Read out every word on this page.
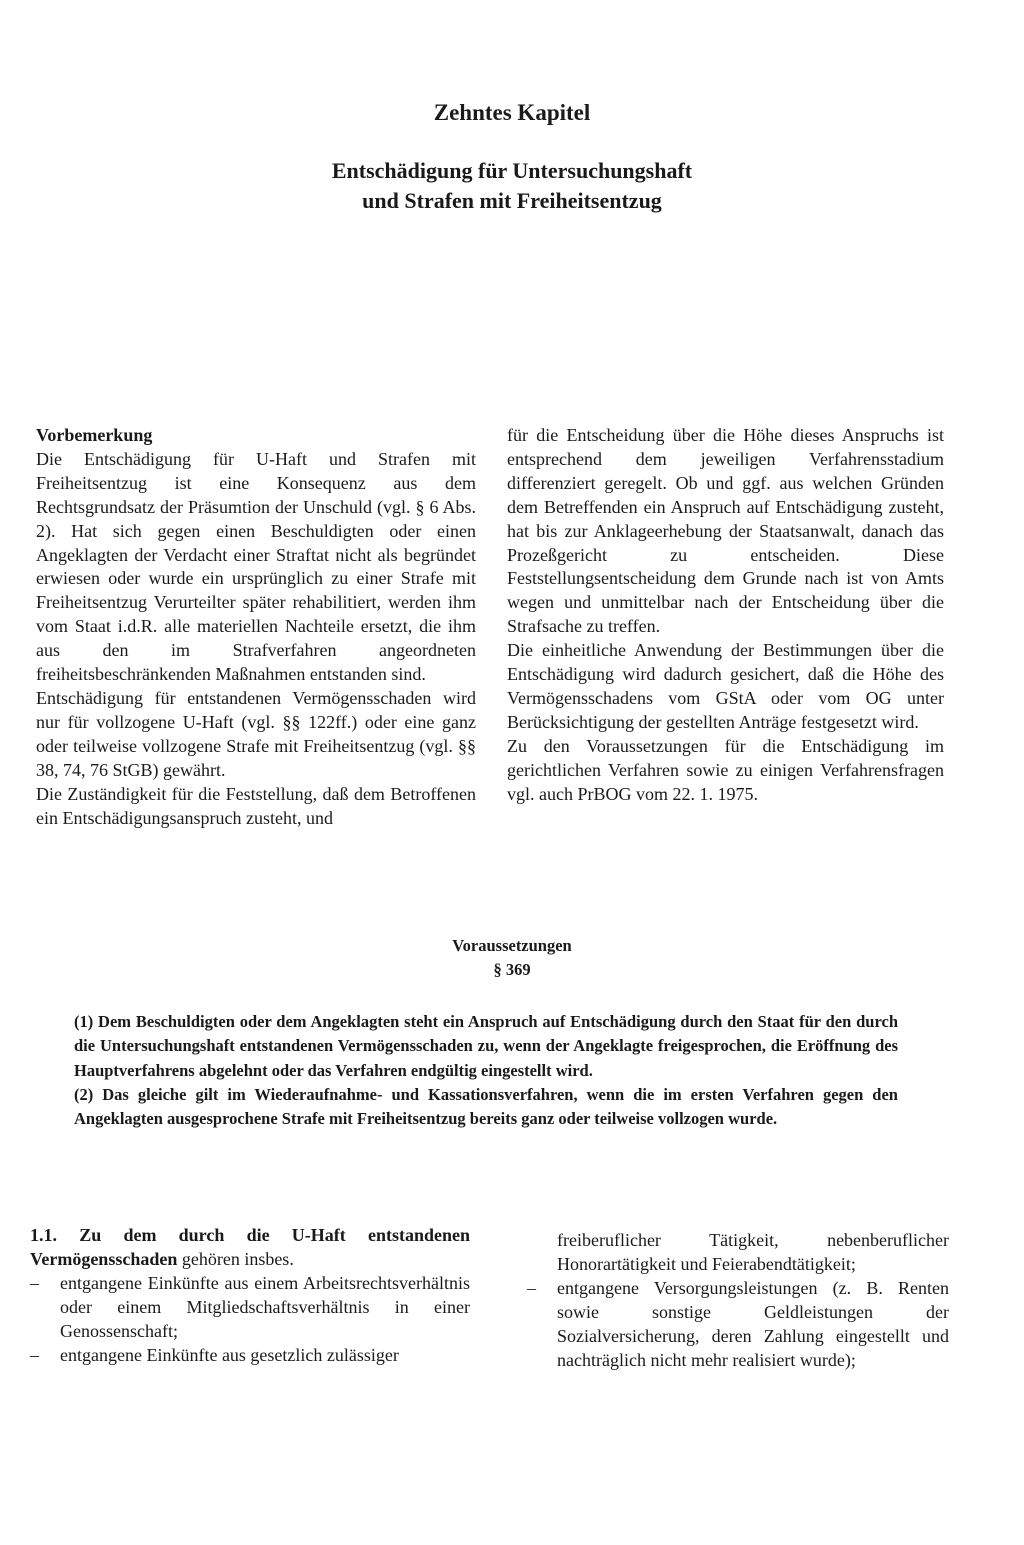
Zehntes Kapitel
Entschädigung für Untersuchungshaft
und Strafen mit Freiheitsentzug

Vorbemerkung

Die Entschädigung für U-Haft und Strafen mit Freiheitsentzug ist eine Konsequenz aus dem Rechtsgrundsatz der Präsumtion der Unschuld (vgl. § 6 Abs. 2). Hat sich gegen einen Beschuldigten oder einen Angeklagten der Verdacht einer Straftat nicht als begründet erwiesen oder wurde ein ursprünglich zu einer Strafe mit Freiheitsentzug Verurteilter später rehabilitiert, werden ihm vom Staat i.d.R. alle materiellen Nachteile ersetzt, die ihm aus den im Strafverfahren angeordneten freiheitsbeschränkenden Maßnahmen entstanden sind.

Entschädigung für entstandenen Vermögensschaden wird nur für vollzogene U-Haft (vgl. §§ 122ff.) oder eine ganz oder teilweise vollzogene Strafe mit Freiheitsentzug (vgl. §§ 38, 74, 76 StGB) gewährt.

Die Zuständigkeit für die Feststellung, daß dem Betroffenen ein Entschädigungsanspruch zusteht, und

für die Entscheidung über die Höhe dieses Anspruchs ist entsprechend dem jeweiligen Verfahrensstadium differenziert geregelt. Ob und ggf. aus welchen Gründen dem Betreffenden ein Anspruch auf Entschädigung zusteht, hat bis zur Anklageerhebung der Staatsanwalt, danach das Prozeßgericht zu entscheiden. Diese Feststellungsentscheidung dem Grunde nach ist von Amts wegen und unmittelbar nach der Entscheidung über die Strafsache zu treffen.

Die einheitliche Anwendung der Bestimmungen über die Entschädigung wird dadurch gesichert, daß die Höhe des Vermögensschadens vom GStA oder vom OG unter Berücksichtigung der gestellten Anträge festgesetzt wird.

Zu den Voraussetzungen für die Entschädigung im gerichtlichen Verfahren sowie zu einigen Verfahrensfragen vgl. auch PrBOG vom 22. 1. 1975.

Voraussetzungen
§ 369

(1) Dem Beschuldigten oder dem Angeklagten steht ein Anspruch auf Entschädigung durch den Staat für den durch die Untersuchungshaft entstandenen Vermögensschaden zu, wenn der Angeklagte freigesprochen, die Eröffnung des Hauptverfahrens abgelehnt oder das Verfahren endgültig eingestellt wird.

(2) Das gleiche gilt im Wiederaufnahme- und Kassationsverfahren, wenn die im ersten Verfahren gegen den Angeklagten ausgesprochene Strafe mit Freiheitsentzug bereits ganz oder teilweise vollzogen wurde.

1.1. Zu dem durch die U-Haft entstandenen Vermögensschaden gehören insbes.

–	entgangene Einkünfte aus einem Arbeitsrechtsverhältnis oder einem Mitgliedschaftsverhältnis in einer Genossenschaft;
–	entgangene Einkünfte aus gesetzlich zulässiger

freiberuflicher Tätigkeit, nebenberuflicher Honorartätigkeit und Feierabendtätigkeit;

–	entgangene Versorgungsleistungen (z. B. Renten sowie sonstige Geldleistungen der Sozialversicherung, deren Zahlung eingestellt und nachträglich nicht mehr realisiert wurde);
